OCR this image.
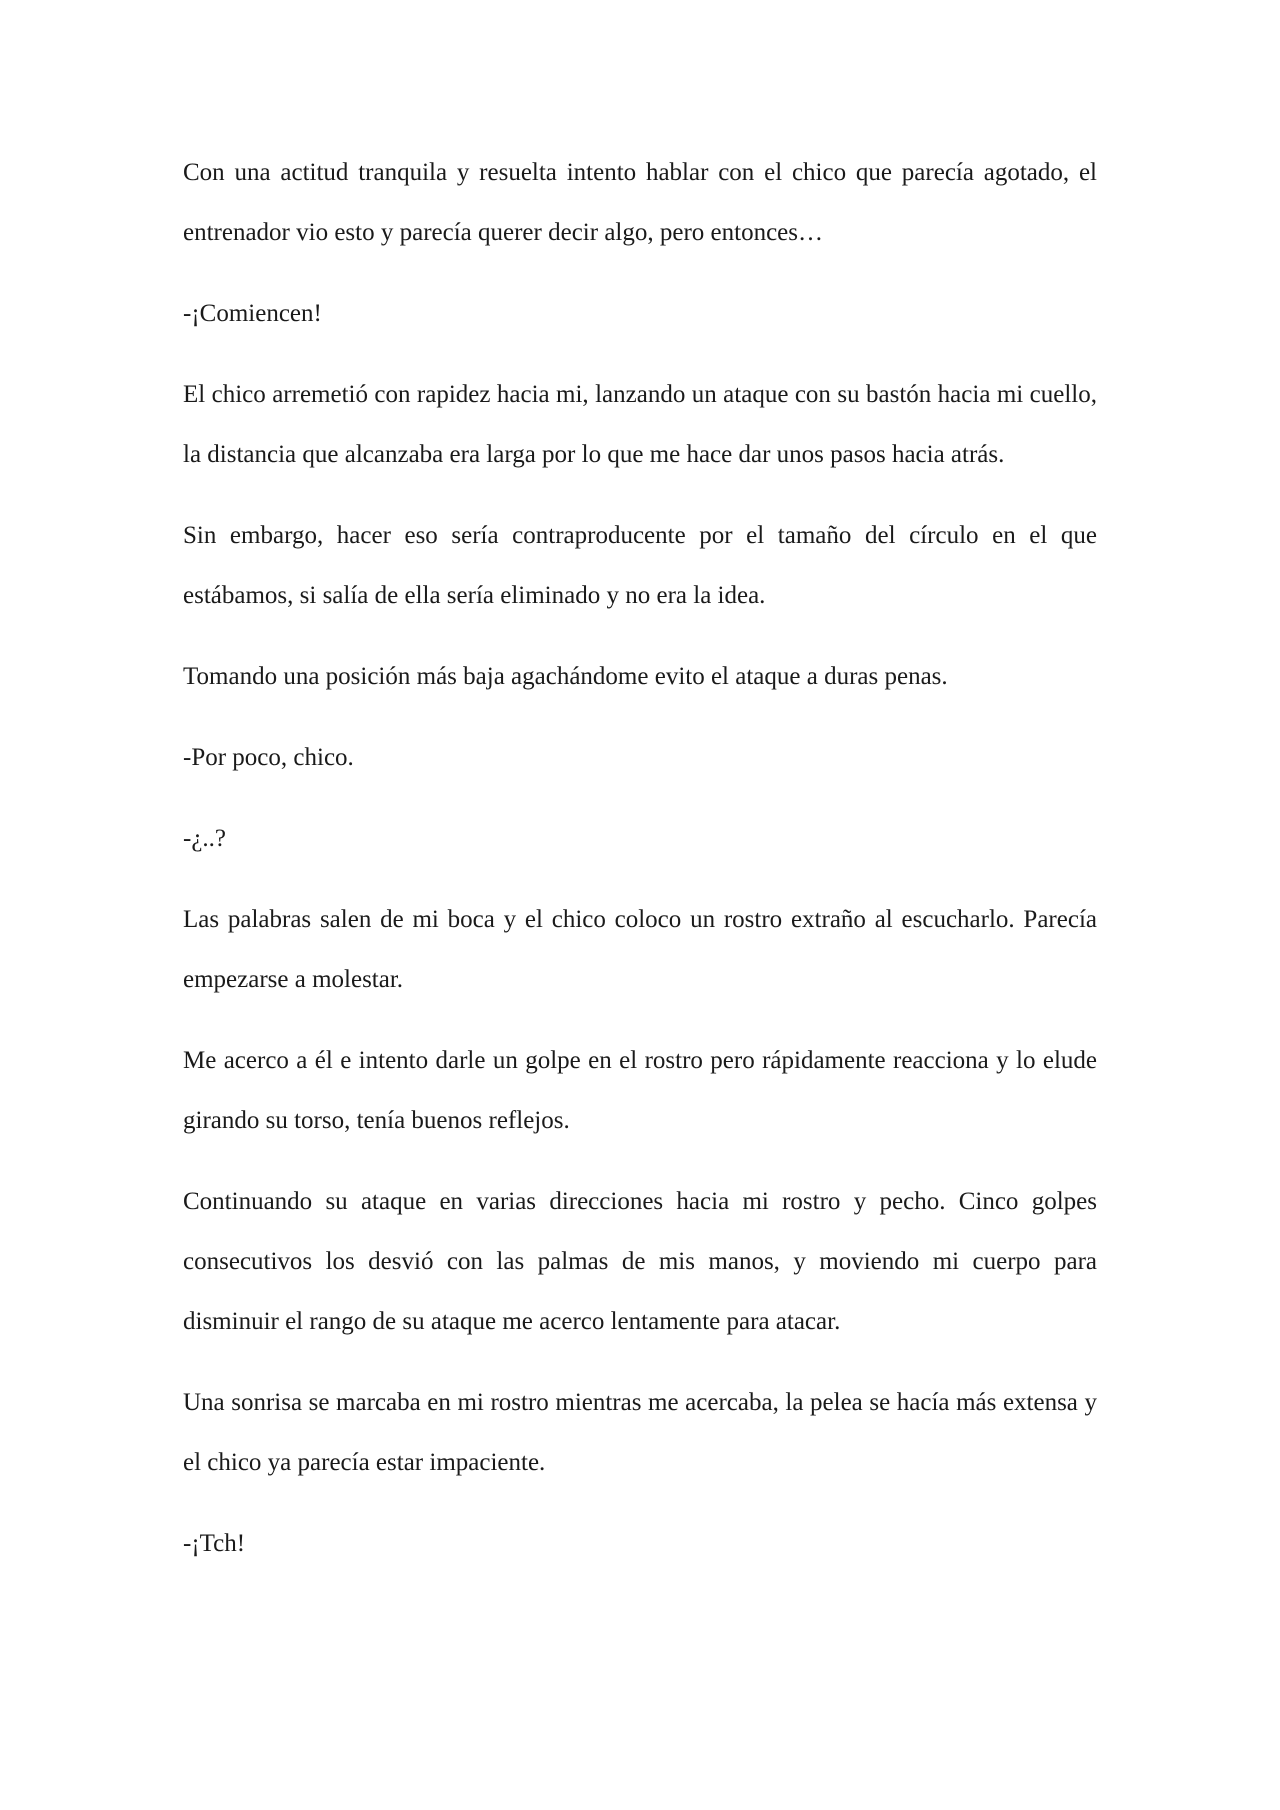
Con una actitud tranquila y resuelta intento hablar con el chico que parecía agotado, el entrenador vio esto y parecía querer decir algo, pero entonces…

-¡Comiencen!

El chico arremetió con rapidez hacia mi, lanzando un ataque con su bastón hacia mi cuello, la distancia que alcanzaba era larga por lo que me hace dar unos pasos hacia atrás.

Sin embargo, hacer eso sería contraproducente por el tamaño del círculo en el que estábamos, si salía de ella sería eliminado y no era la idea.

Tomando una posición más baja agachándome evito el ataque a duras penas.

-Por poco, chico.

-¿..?

Las palabras salen de mi boca y el chico coloco un rostro extraño al escucharlo. Parecía empezarse a molestar.

Me acerco a él e intento darle un golpe en el rostro pero rápidamente reacciona y lo elude girando su torso, tenía buenos reflejos.

Continuando su ataque en varias direcciones hacia mi rostro y pecho. Cinco golpes consecutivos los desvió con las palmas de mis manos, y moviendo mi cuerpo para disminuir el rango de su ataque me acerco lentamente para atacar.

Una sonrisa se marcaba en mi rostro mientras me acercaba, la pelea se hacía más extensa y el chico ya parecía estar impaciente.

-¡Tch!
